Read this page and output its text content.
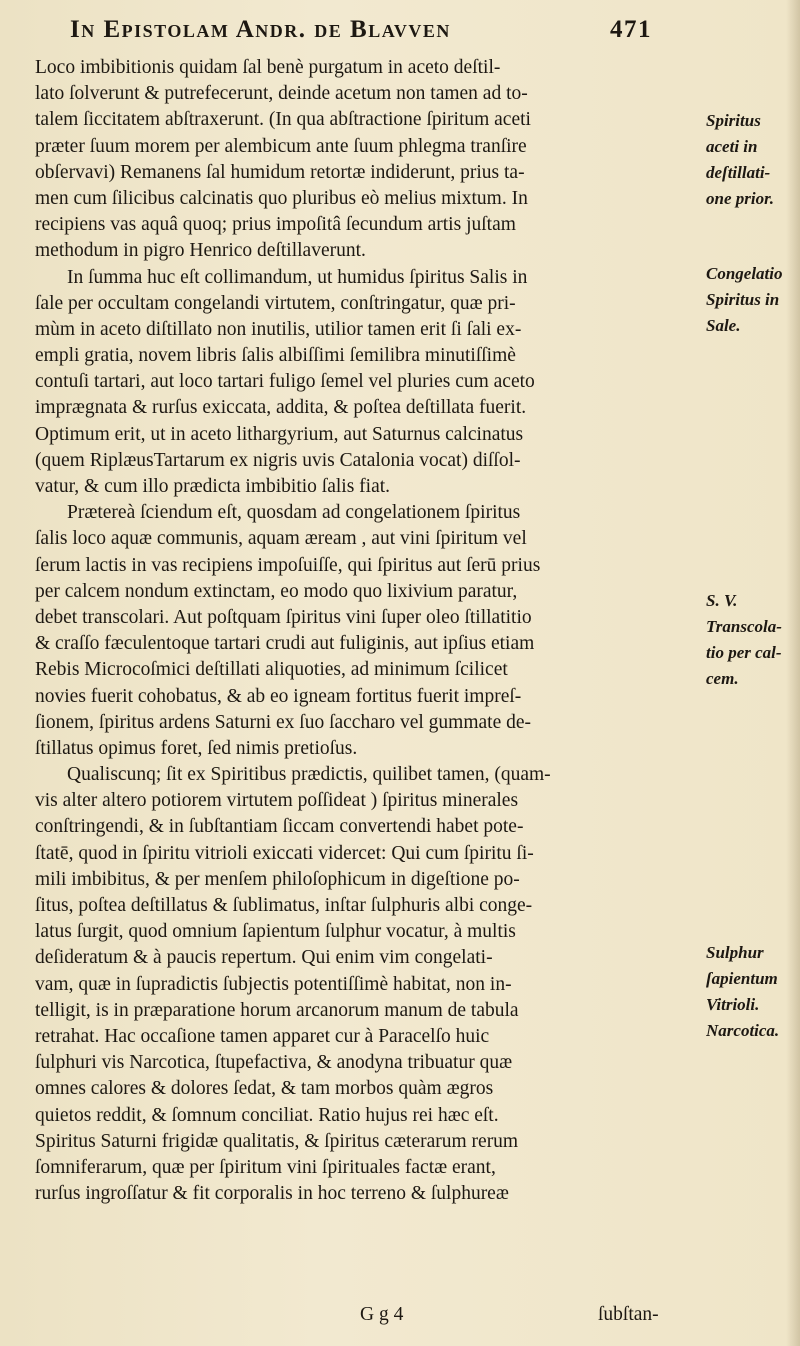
In Epistolam Andr. de Blavven	471
Loco imbibitionis quidam ſal benè purgatum in aceto deſtil-
lato ſolverunt & putrefecerunt, deinde acetum non tamen ad to-
talem ſiccitatem abſtraxerunt. (In qua abſtractione ſpiritum aceti
præter ſuum morem per alembicum ante ſuum phlegma tranſire
obſervavi) Remanens ſal humidum retortæ indiderunt, prius ta-
men cum ſilicibus calcinatis quo pluribus eò melius mixtum. In
recipiens vas aquâ quoq; prius impoſitâ ſecundum artis juſtam
methodum in pigro Henrico deſtillaverunt.
In ſumma huc eſt collimandum, ut humidus ſpiritus Salis in
ſale per occultam congelandi virtutem, conſtringatur, quæ pri-
mùm in aceto diſtillato non inutilis, utilior tamen erit ſi ſali ex-
empli gratia, novem libris ſalis albiſſimi ſemilibra minutiſſimè
contuſi tartari, aut loco tartari fuligo ſemel vel pluries cum aceto
imprægnata & rurſus exiccata, addita, & poſtea deſtillata fuerit.
Optimum erit, ut in aceto lithargyrium, aut Saturnus calcinatus
(quem RiplæusTartarum ex nigris uvis Catalonia vocat) diſſol-
vatur, & cum illo prædicta imbibitio ſalis fiat.
Prætereà ſciendum eſt, quosdam ad congelationem ſpiritus
ſalis loco aquæ communis, aquam æream , aut vini ſpiritum vel
ſerum lactis in vas recipiens impoſuiſſe, qui ſpiritus aut ſerū prius
per calcem nondum extinctam, eo modo quo lixivium paratur,
debet transcolari. Aut poſtquam ſpiritus vini ſuper oleo ſtillatitio
& craſſo fæculentoque tartari crudi aut fuliginis, aut ipſius etiam
Rebis Microcoſmici deſtillati aliquoties, ad minimum ſcilicet
novies fuerit cohobatus, & ab eo igneam fortitus fuerit impreſ-
ſionem, ſpiritus ardens Saturni ex ſuo ſaccharo vel gummate de-
ſtillatus opimus foret, ſed nimis pretioſus.
Qualiscunq; ſit ex Spiritibus prædictis, quilibet tamen, (quam-
vis alter altero potiorem virtutem poſſideat ) ſpiritus minerales
conſtringendi, & in ſubſtantiam ſiccam convertendi habet pote-
ſtatē, quod in ſpiritu vitrioli exiccati vidercet: Qui cum ſpiritu ſi-
mili imbibitus, & per menſem philoſophicum in digeſtione po-
ſitus, poſtea deſtillatus & ſublimatus, inſtar ſulphuris albi conge-
latus ſurgit, quod omnium ſapientum ſulphur vocatur, à multis
deſideratum & à paucis repertum. Qui enim vim congelati-
vam, quæ in ſupradictis ſubjectis potentiſſimè habitat, non in-
telligit, is in præparatione horum arcanorum manum de tabula
retrahat. Hac occaſione tamen apparet cur à Paracelſo huic
ſulphuri vis Narcotica, ſtupefactiva, & anodyna tribuatur quæ
omnes calores & dolores ſedat, & tam morbos quàm ægros
quietos reddit, & ſomnum conciliat. Ratio hujus rei hæc eſt.
Spiritus Saturni frigidæ qualitatis, & ſpiritus cæterarum rerum
ſomniferarum, quæ per ſpiritum vini ſpirituales factæ erant,
rurſus ingroſſatur & fit corporalis in hoc terreno & ſulphureæ
Spiritus
aceti in
deſtillati-
one prior.
Congelatio
Spiritus in
Sale.
S. V.
Transcola-
tio per cal-
cem.
Sulphur
ſapientum
Vitrioli.
Narcotica.
G g 4	ſubſtan-
